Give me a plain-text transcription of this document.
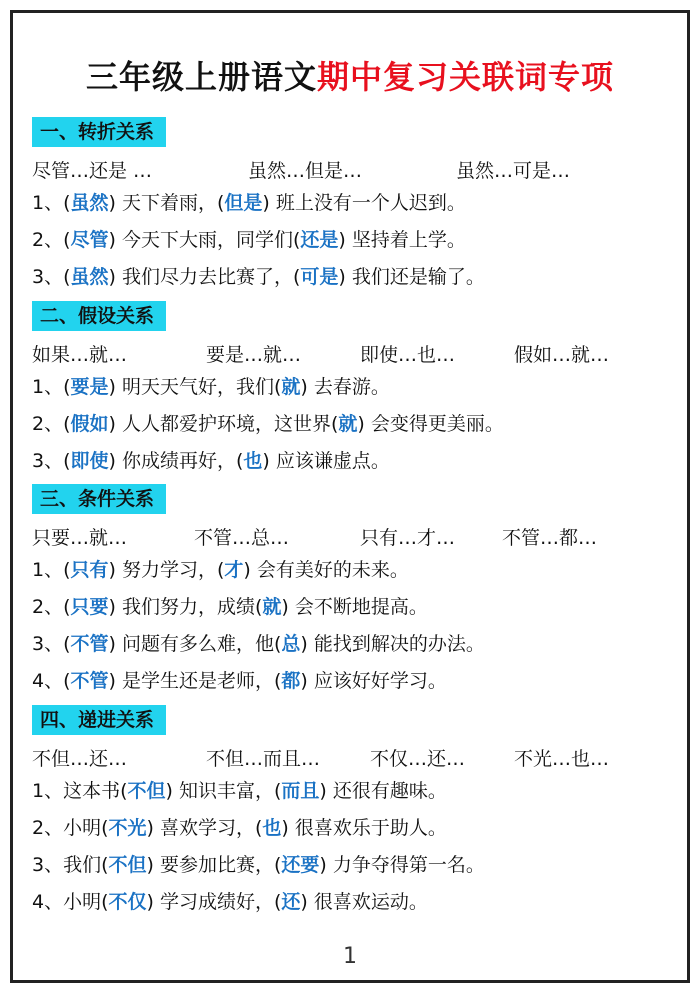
三年级上册语文期中复习关联词专项
一、转折关系
尽管…还是 …	虽然…但是…	虽然…可是…
1、(虽然) 天下着雨，(但是) 班上没有一个人迟到。
2、(尽管) 今天下大雨，同学们(还是) 坚持着上学。
3、(虽然) 我们尽力去比赛了，(可是) 我们还是输了。
二、假设关系
如果…就…	要是…就…	即使…也…	假如…就…
1、(要是) 明天天气好，我们(就) 去春游。
2、(假如) 人人都爱护环境，这世界(就) 会变得更美丽。
3、(即使) 你成绩再好，(也) 应该谦虚点。
三、条件关系
只要…就…	不管…总…	只有…才… 不管…都…
1、(只有) 努力学习，(才) 会有美好的未来。
2、(只要) 我们努力，成绩(就) 会不断地提高。
3、(不管) 问题有多么难，他(总) 能找到解决的办法。
4、(不管) 是学生还是老师，(都) 应该好好学习。
四、递进关系
不但…还…	不但…而且…	不仅…还…	不光…也…
1、这本书(不但) 知识丰富，(而且) 还很有趣味。
2、小明(不光) 喜欢学习，(也) 很喜欢乐于助人。
3、我们(不但) 要参加比赛，(还要) 力争夺得第一名。
4、小明(不仅) 学习成绩好，(还) 很喜欢运动。
1
